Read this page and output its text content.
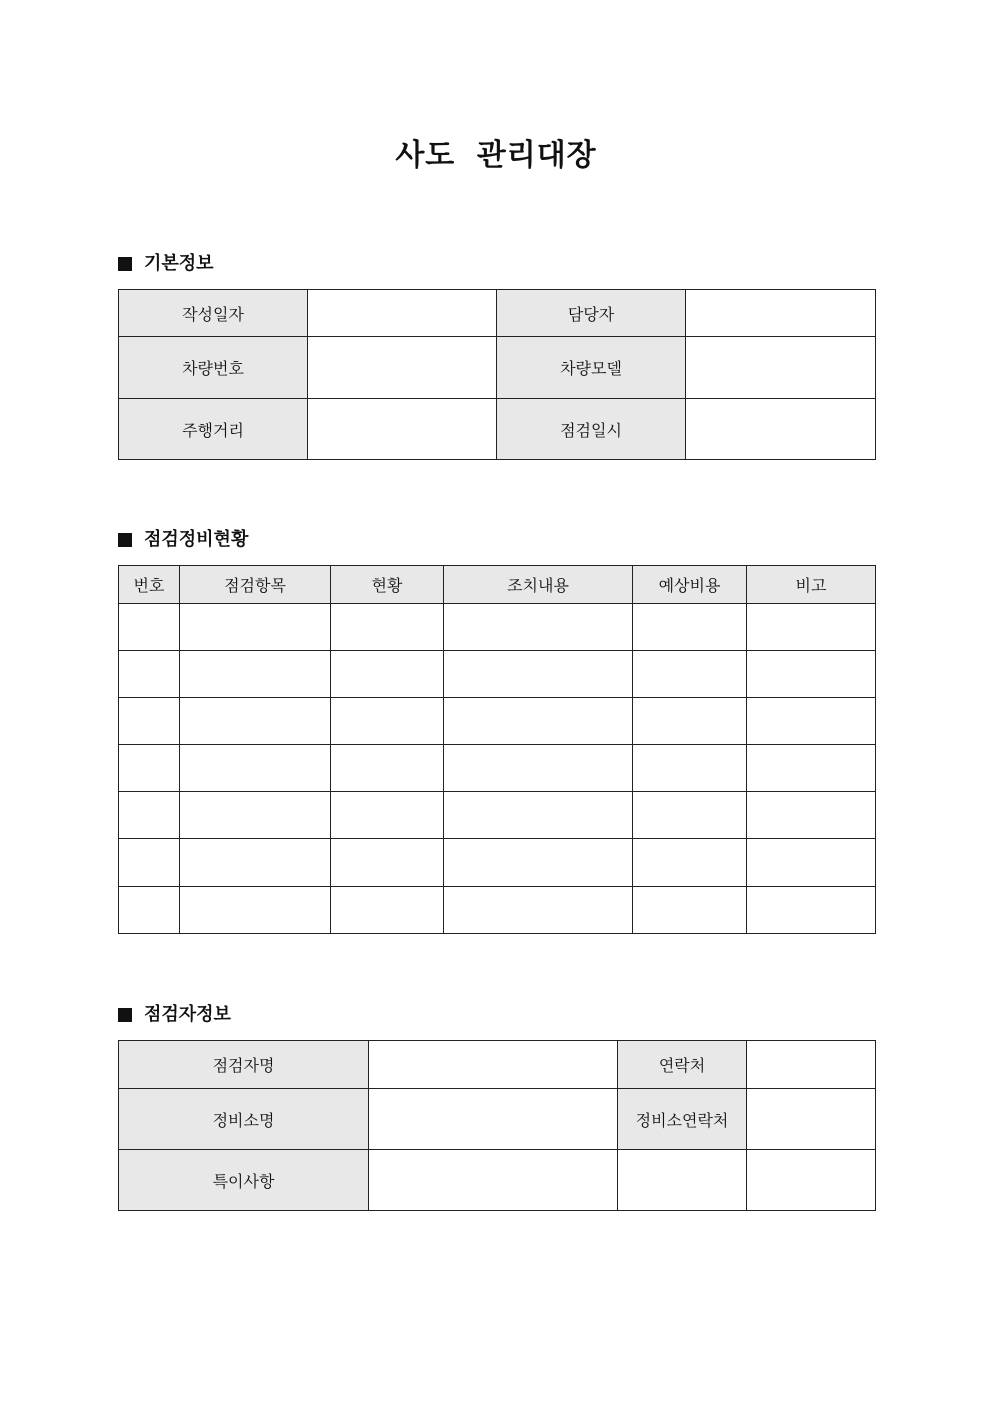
사도 관리대장
기본정보
작성일자		담당자	
차량번호		차량모델	
주행거리		점검일시	
점검정비현황
번호	점검항목	현황	조치내용	예상비용	비고

점검자정보
점검자명		연락처	
정비소명		정비소연락처	
특이사항			
